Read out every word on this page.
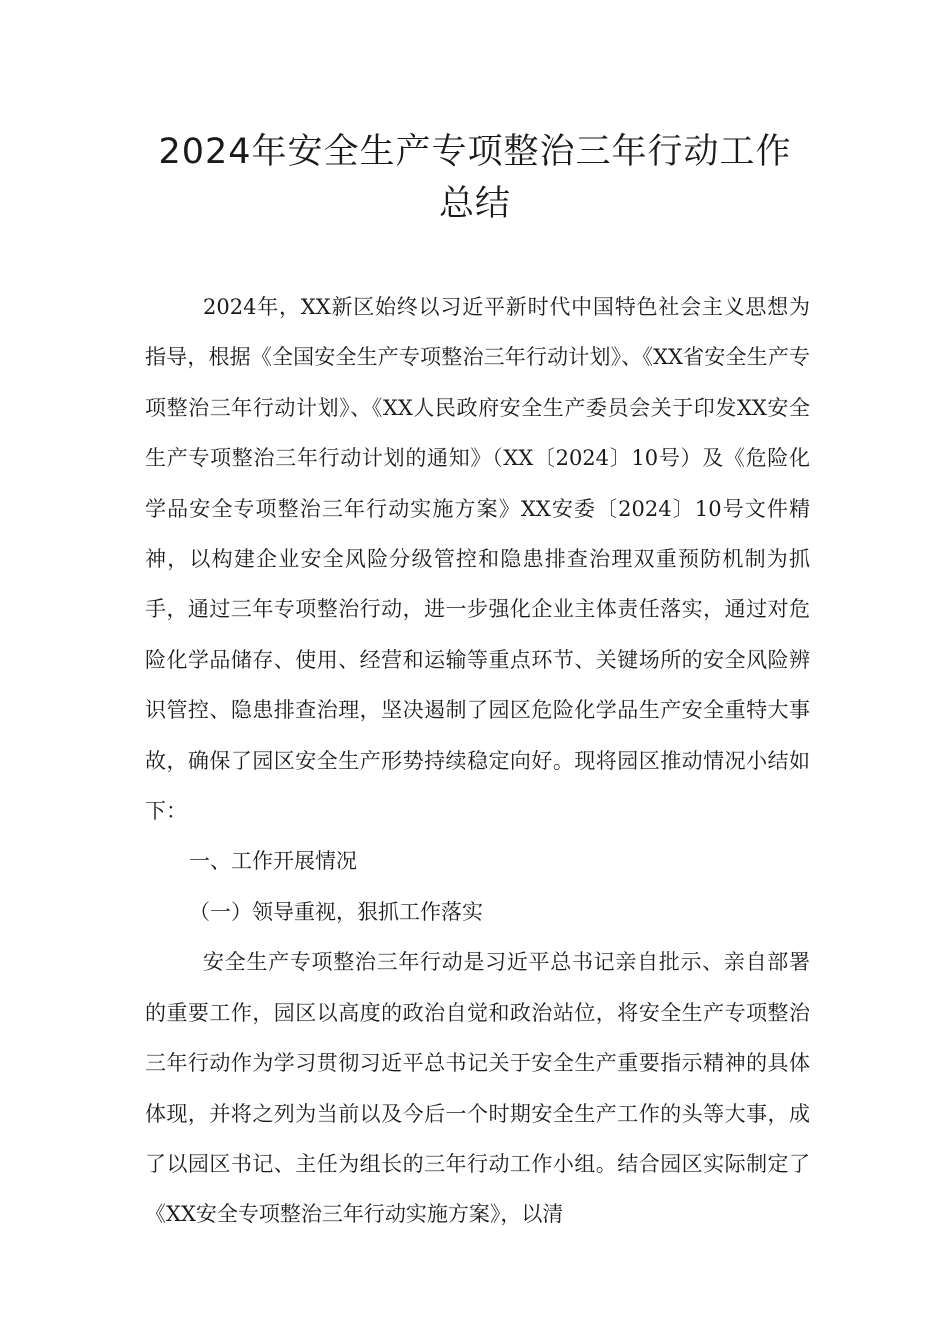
2024年安全生产专项整治三年行动工作
总结

2024年，XX新区始终以习近平新时代中国特色社会主义思想为指导，根据《全国安全生产专项整治三年行动计划》、《XX省安全生产专项整治三年行动计划》、《XX人民政府安全生产委员会关于印发XX安全生产专项整治三年行动计划的通知》（XX〔2024〕10号）及《危险化学品安全专项整治三年行动实施方案》XX安委〔2024〕10号文件精神，以构建企业安全风险分级管控和隐患排查治理双重预防机制为抓手，通过三年专项整治行动，进一步强化企业主体责任落实，通过对危险化学品储存、使用、经营和运输等重点环节、关键场所的安全风险辨识管控、隐患排查治理，坚决遏制了园区危险化学品生产安全重特大事故，确保了园区安全生产形势持续稳定向好。现将园区推动情况小结如下：

一、工作开展情况

（一）领导重视，狠抓工作落实

安全生产专项整治三年行动是习近平总书记亲自批示、亲自部署的重要工作，园区以高度的政治自觉和政治站位，将安全生产专项整治三年行动作为学习贯彻习近平总书记关于安全生产重要指示精神的具体体现，并将之列为当前以及今后一个时期安全生产工作的头等大事，成了以园区书记、主任为组长的三年行动工作小组。结合园区实际制定了《XX安全专项整治三年行动实施方案》，以清
